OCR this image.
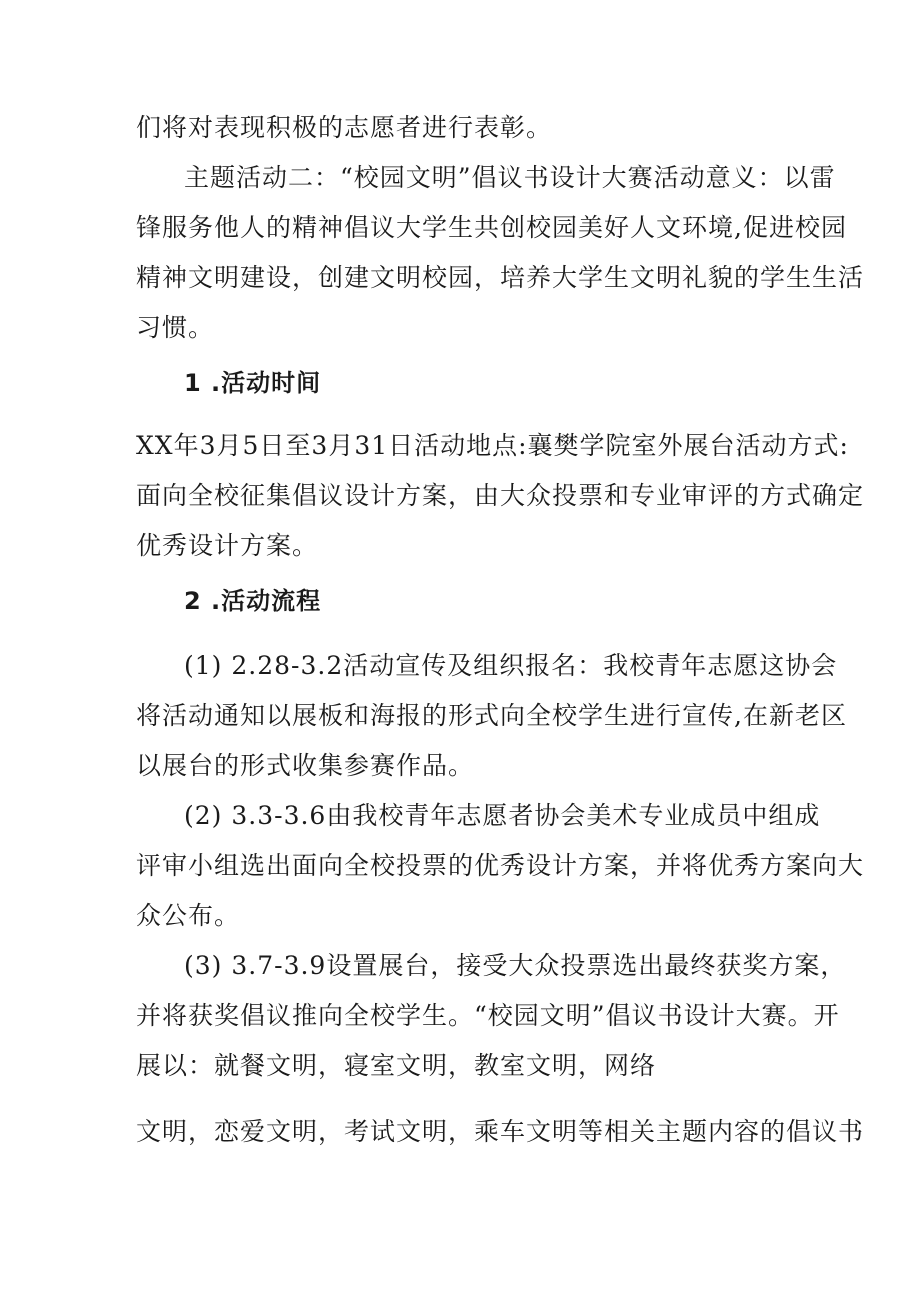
们将对表现积极的志愿者进行表彰。
主题活动二：“校园文明”倡议书设计大赛活动意义：以雷
锋服务他人的精神倡议大学生共创校园美好人文环境,促进校园
精神文明建设，创建文明校园，培养大学生文明礼貌的学生生活
习惯。
1 .活动时间
XX年3月5日至3月31日活动地点:襄樊学院室外展台活动方式:
面向全校征集倡议设计方案，由大众投票和专业审评的方式确定
优秀设计方案。
2 .活动流程
(1) 2.28-3.2活动宣传及组织报名：我校青年志愿这协会
将活动通知以展板和海报的形式向全校学生进行宣传,在新老区
以展台的形式收集参赛作品。
(2) 3.3-3.6由我校青年志愿者协会美术专业成员中组成
评审小组选出面向全校投票的优秀设计方案，并将优秀方案向大
众公布。
(3) 3.7-3.9设置展台，接受大众投票选出最终获奖方案，
并将获奖倡议推向全校学生。“校园文明”倡议书设计大赛。开
展以：就餐文明，寝室文明，教室文明，网络
文明，恋爱文明，考试文明，乘车文明等相关主题内容的倡议书
